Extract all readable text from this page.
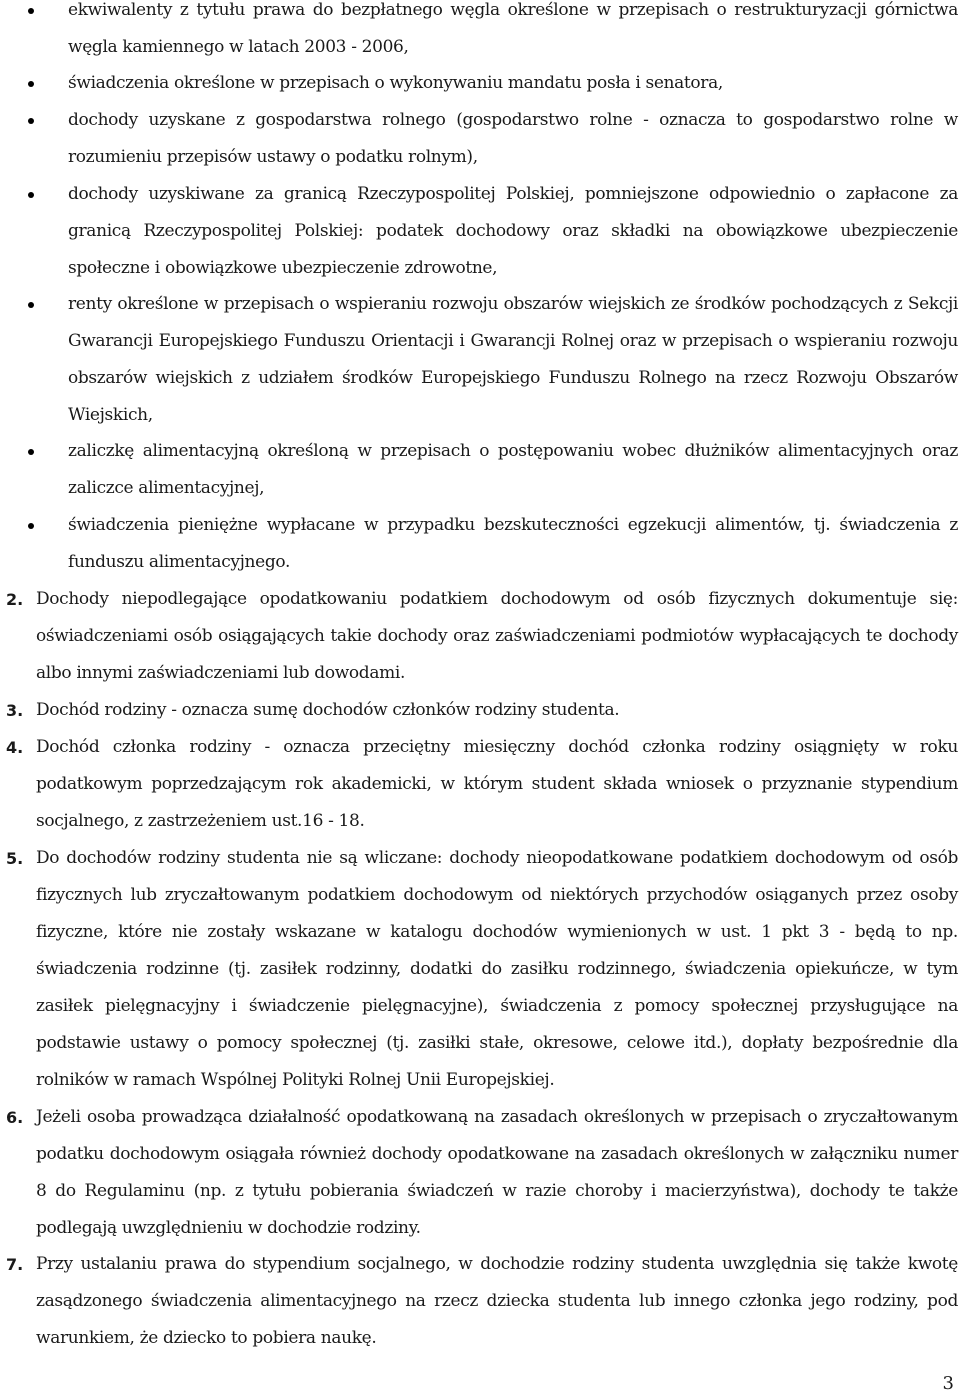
ekwiwalenty z tytułu prawa do bezpłatnego węgla określone w przepisach o restrukturyzacji górnictwa węgla kamiennego w latach 2003 - 2006,
świadczenia określone w przepisach o wykonywaniu mandatu posła i senatora,
dochody uzyskane z gospodarstwa rolnego (gospodarstwo rolne - oznacza to gospodarstwo rolne w rozumieniu przepisów ustawy o podatku rolnym),
dochody uzyskiwane za granicą Rzeczypospolitej Polskiej, pomniejszone odpowiednio o zapłacone za granicą Rzeczypospolitej Polskiej: podatek dochodowy oraz składki na obowiązkowe ubezpieczenie społeczne i obowiązkowe ubezpieczenie zdrowotne,
renty określone w przepisach o wspieraniu rozwoju obszarów wiejskich ze środków pochodzących z Sekcji Gwarancji Europejskiego Funduszu Orientacji i Gwarancji Rolnej oraz w przepisach o wspieraniu rozwoju obszarów wiejskich z udziałem środków Europejskiego Funduszu Rolnego na rzecz Rozwoju Obszarów Wiejskich,
zaliczkę alimentacyjną określoną w przepisach o postępowaniu wobec dłużników alimentacyjnych oraz zaliczce alimentacyjnej,
świadczenia pieniężne wypłacane w przypadku bezskuteczności egzekucji alimentów, tj. świadczenia z funduszu alimentacyjnego.
2. Dochody niepodlegające opodatkowaniu podatkiem dochodowym od osób fizycznych dokumentuje się: oświadczeniami osób osiągających takie dochody oraz zaświadczeniami podmiotów wypłacających te dochody albo innymi zaświadczeniami lub dowodami.
3. Dochód rodziny - oznacza sumę dochodów członków rodziny studenta.
4. Dochód członka rodziny - oznacza przeciętny miesięczny dochód członka rodziny osiągnięty w roku podatkowym poprzedzającym rok akademicki, w którym student składa wniosek o przyznanie stypendium socjalnego, z zastrzeżeniem ust.16 - 18.
5. Do dochodów rodziny studenta nie są wliczane: dochody nieopodatkowane podatkiem dochodowym od osób fizycznych lub zryczałtowanym podatkiem dochodowym od niektórych przychodów osiąganych przez osoby fizyczne, które nie zostały wskazane w katalogu dochodów wymienionych w ust. 1 pkt 3 - będą to np. świadczenia rodzinne (tj. zasiłek rodzinny, dodatki do zasiłku rodzinnego, świadczenia opiekuńcze, w tym zasiłek pielęgnacyjny i świadczenie pielęgnacyjne), świadczenia z pomocy społecznej przysługujące na podstawie ustawy o pomocy społecznej (tj. zasiłki stałe, okresowe, celowe itd.), dopłaty bezpośrednie dla rolników w ramach Wspólnej Polityki Rolnej Unii Europejskiej.
6. Jeżeli osoba prowadząca działalność opodatkowaną na zasadach określonych w przepisach o zryczałtowanym podatku dochodowym osiągała również dochody opodatkowane na zasadach określonych w załączniku numer 8 do Regulaminu (np. z tytułu pobierania świadczeń w razie choroby i macierzyństwa), dochody te także podlegają uwzględnieniu w dochodzie rodziny.
7. Przy ustalaniu prawa do stypendium socjalnego, w dochodzie rodziny studenta uwzględnia się także kwotę zasądzonego świadczenia alimentacyjnego na rzecz dziecka studenta lub innego członka jego rodziny, pod warunkiem, że dziecko to pobiera naukę.
3
